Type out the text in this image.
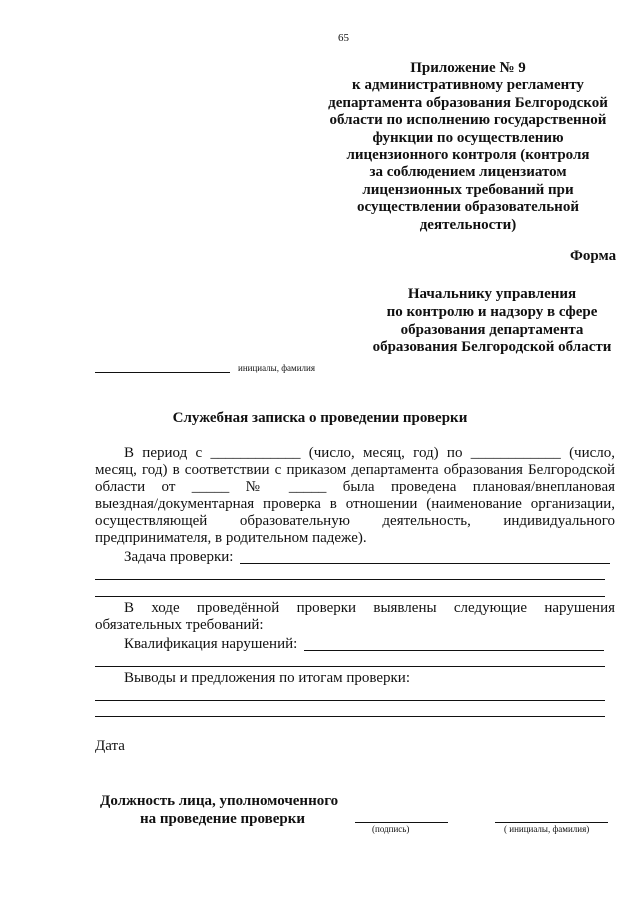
65
Приложение № 9
к административному регламенту
департамента образования Белгородской
области по исполнению государственной
функции по осуществлению
лицензионного контроля (контроля
за соблюдением лицензиатом
лицензионных требований при
осуществлении образовательной
деятельности)
Форма
Начальнику управления
по контролю и надзору в сфере
образования департамента
образования Белгородской области
инициалы, фамилия
Служебная записка о проведении проверки
В период с ____________ (число, месяц, год) по ____________ (число,
месяц, год) в соответствии с приказом департамента образования Белгородской
области от _____ № _____ была проведена плановая/внеплановая
выездная/документарная проверка в отношении (наименование организации,
осуществляющей образовательную деятельность, индивидуального
предпринимателя, в родительном падеже).
Задача проверки:
В ходе проведённой проверки выявлены следующие нарушения
обязательных требований:
Квалификация нарушений:
Выводы и предложения по итогам проверки:
Дата
Должность лица, уполномоченного
на проведение проверки
(подпись)	( инициалы, фамилия)
